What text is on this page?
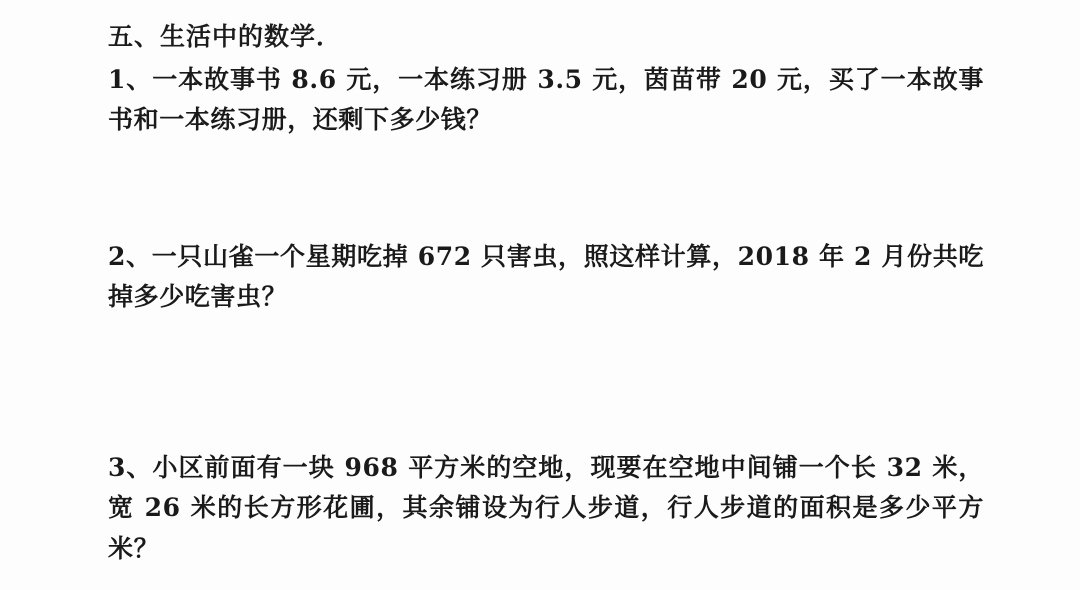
五、生活中的数学．

1、一本故事书 8.6 元，一本练习册 3.5 元，茵苗带 20 元，买了一本故事书和一本练习册，还剩下多少钱？

2、一只山雀一个星期吃掉 672 只害虫，照这样计算，2018 年 2 月份共吃掉多少吃害虫？

3、小区前面有一块 968 平方米的空地，现要在空地中间铺一个长 32 米，宽 26 米的长方形花圃，其余铺设为行人步道，行人步道的面积是多少平方米？
